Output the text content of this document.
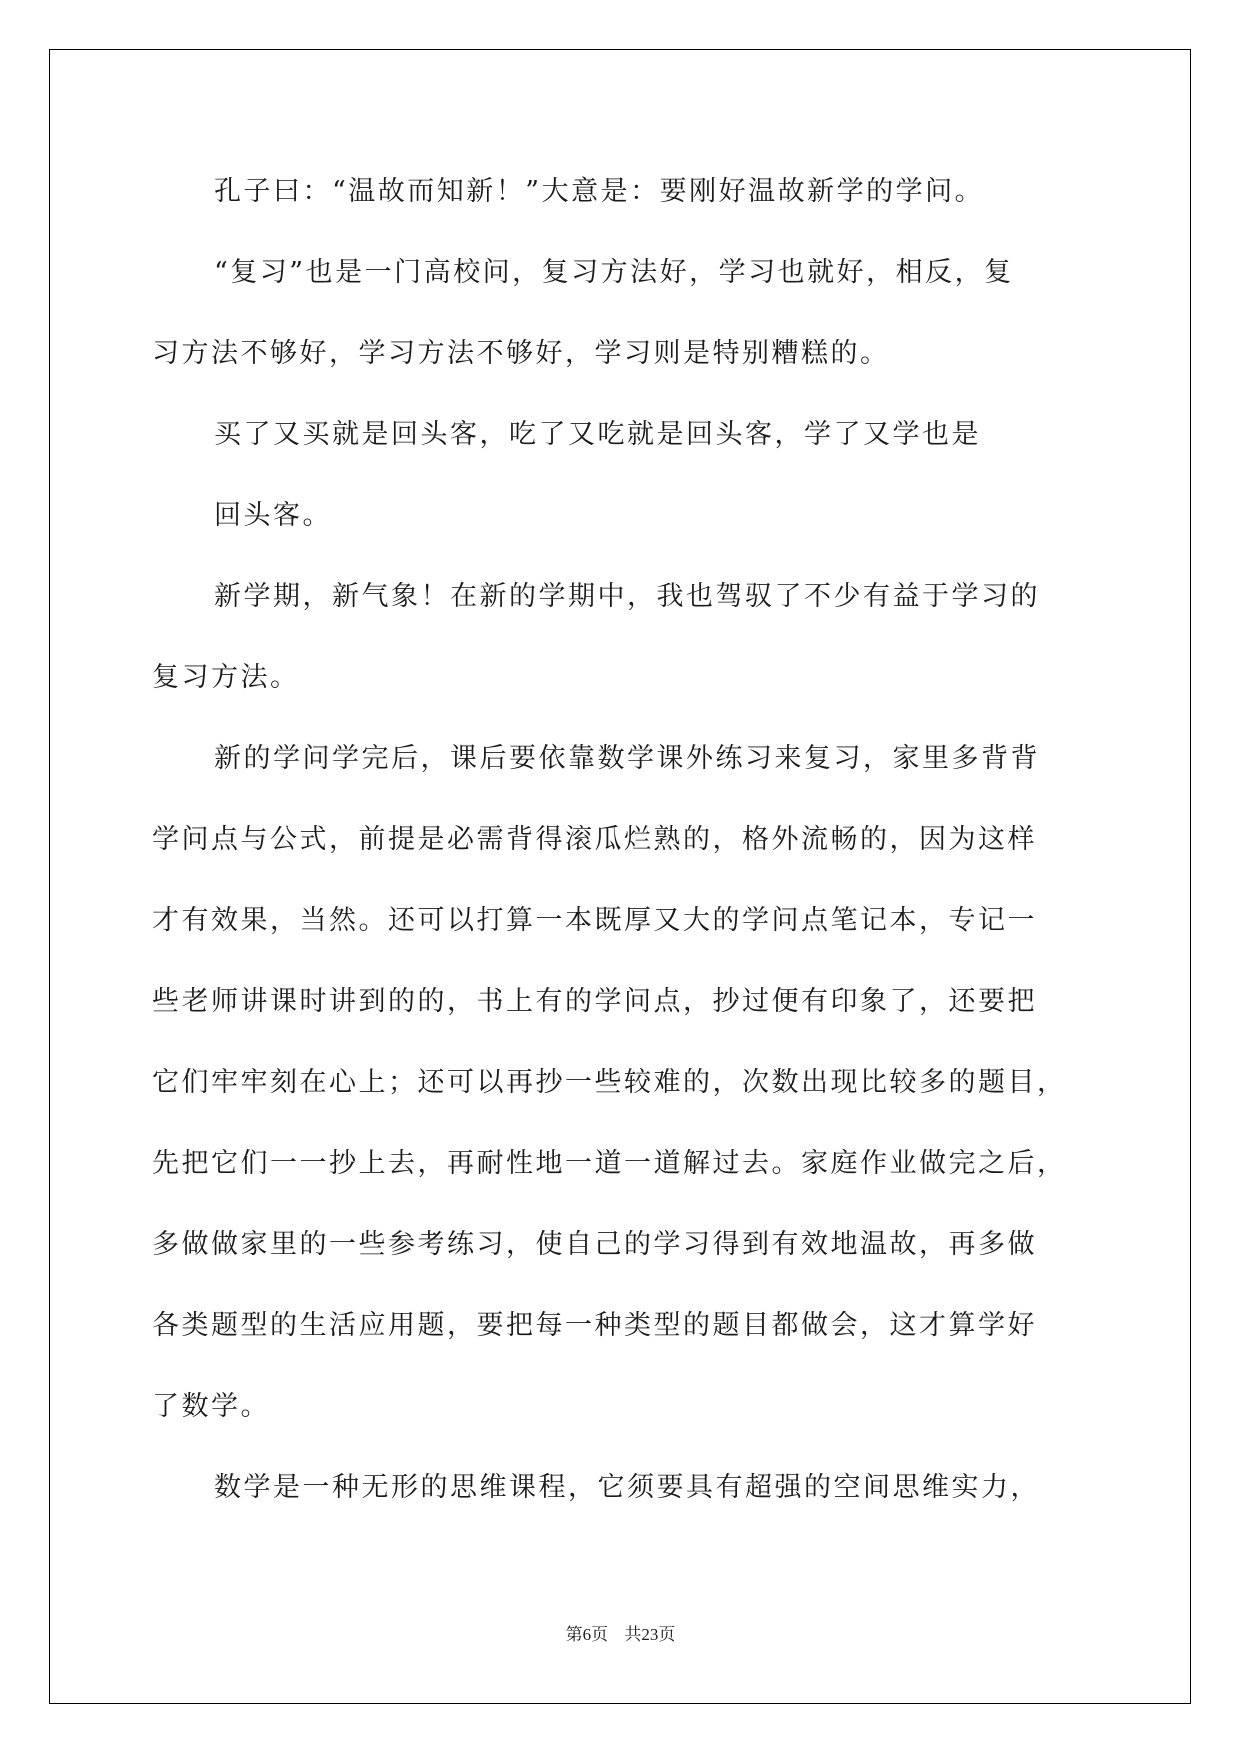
孔子曰：“温故而知新！”大意是：要刚好温故新学的学问。
“复习”也是一门高校问，复习方法好，学习也就好，相反，复
习方法不够好，学习方法不够好，学习则是特别糟糕的。
买了又买就是回头客，吃了又吃就是回头客，学了又学也是
回头客。
新学期，新气象！在新的学期中，我也驾驭了不少有益于学习的
复习方法。
新的学问学完后，课后要依靠数学课外练习来复习，家里多背背
学问点与公式，前提是必需背得滚瓜烂熟的，格外流畅的，因为这样
才有效果，当然。还可以打算一本既厚又大的学问点笔记本，专记一
些老师讲课时讲到的的，书上有的学问点，抄过便有印象了，还要把
它们牢牢刻在心上；还可以再抄一些较难的，次数出现比较多的题目，
先把它们一一抄上去，再耐性地一道一道解过去。家庭作业做完之后，
多做做家里的一些参考练习，使自己的学习得到有效地温故，再多做
各类题型的生活应用题，要把每一种类型的题目都做会，这才算学好
了数学。
数学是一种无形的思维课程，它须要具有超强的空间思维实力，
第6页 共23页
